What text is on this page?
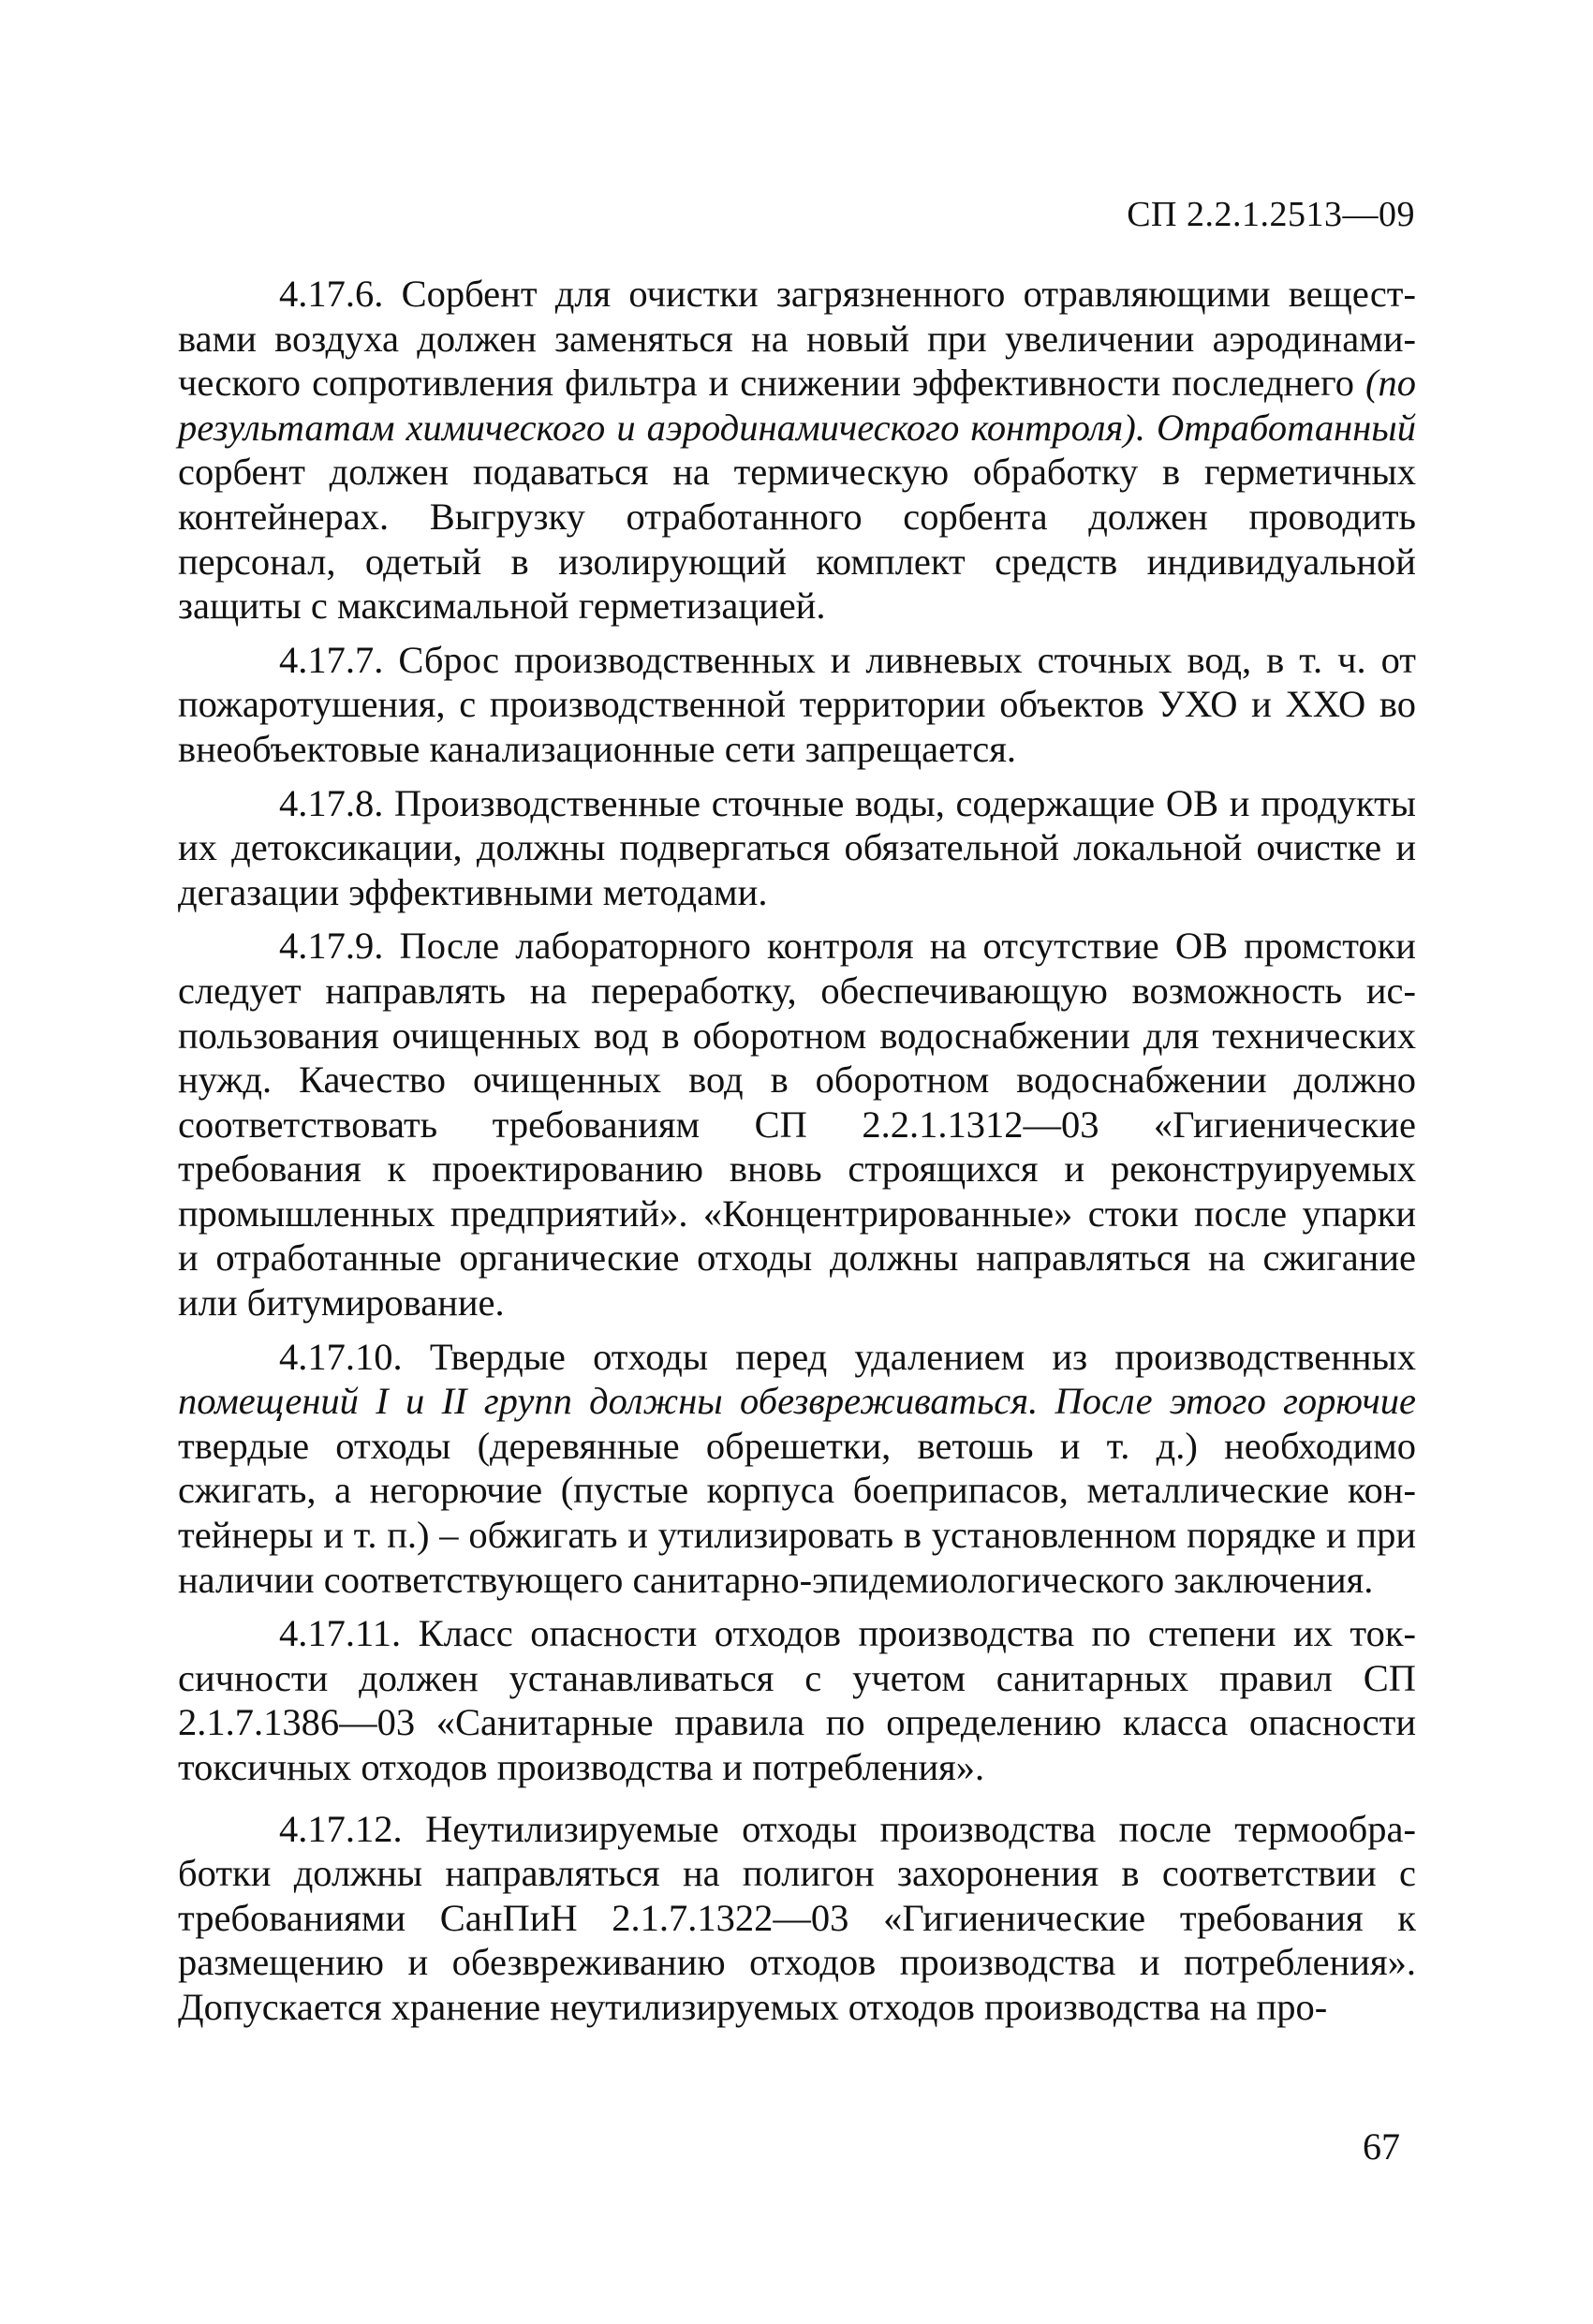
СП 2.2.1.2513—09

4.17.6. Сорбент для очистки загрязненного отравляющими веществами воздуха должен заменяться на новый при увеличении аэродинамического сопротивления фильтра и снижении эффективности последнего (по результатам химического и аэродинамического контроля). Отработанный сорбент должен подаваться на термическую обработку в герметичных контейнерах. Выгрузку отработанного сорбента должен проводить персонал, одетый в изолирующий комплект средств индивидуальной защиты с максимальной герметизацией.

4.17.7. Сброс производственных и ливневых сточных вод, в т. ч. от пожаротушения, с производственной территории объектов УХО и ХХО во внеобъектовые канализационные сети запрещается.

4.17.8. Производственные сточные воды, содержащие ОВ и продукты их детоксикации, должны подвергаться обязательной локальной очистке и дегазации эффективными методами.

4.17.9. После лабораторного контроля на отсутствие ОВ промстоки следует направлять на переработку, обеспечивающую возможность использования очищенных вод в оборотном водоснабжении для технических нужд. Качество очищенных вод в оборотном водоснабжении должно соответствовать требованиям СП 2.2.1.1312—03 «Гигиенические требования к проектированию вновь строящихся и реконструируемых промышленных предприятий». «Концентрированные» стоки после упарки и отработанные органические отходы должны направляться на сжигание или битумирование.

4.17.10. Твердые отходы перед удалением из производственных помещений I и II групп должны обезвреживаться. После этого горючие твердые отходы (деревянные обрешетки, ветошь и т. д.) необходимо сжигать, а негорючие (пустые корпуса боеприпасов, металлические контейнеры и т. п.) – обжигать и утилизировать в установленном порядке и при наличии соответствующего санитарно-эпидемиологического заключения.

4.17.11. Класс опасности отходов производства по степени их токсичности должен устанавливаться с учетом санитарных правил СП 2.1.7.1386—03 «Санитарные правила по определению класса опасности токсичных отходов производства и потребления».

4.17.12. Неутилизируемые отходы производства после термообработки должны направляться на полигон захоронения в соответствии с требованиями СанПиН 2.1.7.1322—03 «Гигиенические требования к размещению и обезвреживанию отходов производства и потребления». Допускается хранение неутилизируемых отходов производства на про-

67
